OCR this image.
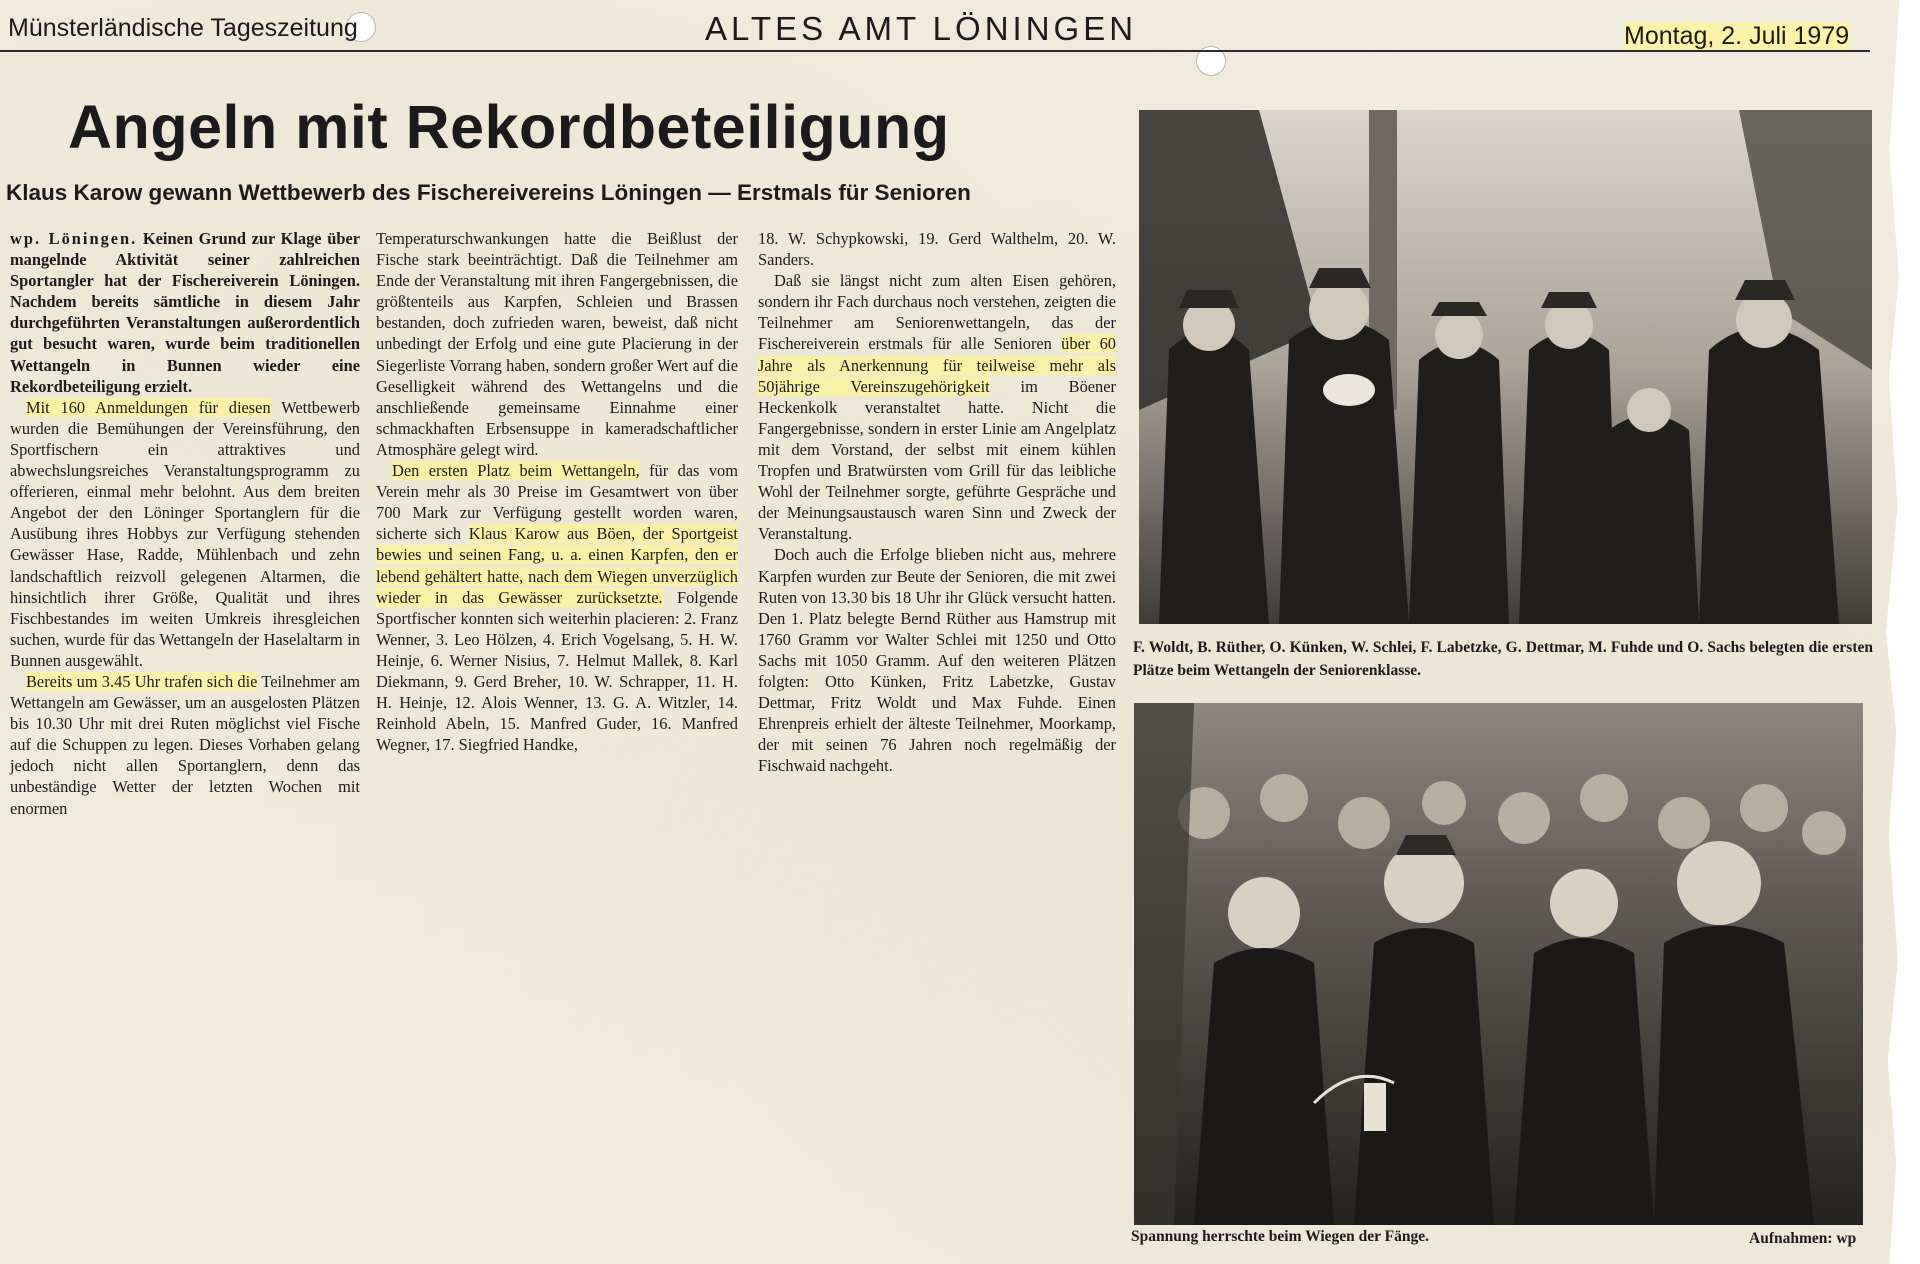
Münsterländische Tageszeitung	ALTES AMT LÖNINGEN	Montag, 2. Juli 1979
Angeln mit Rekordbeteiligung
Klaus Karow gewann Wettbewerb des Fischereivereins Löningen — Erstmals für Senioren

wp. Löningen. Keinen Grund zur Klage über mangelnde Aktivität seiner zahlreichen Sportangler hat der Fischereiverein Löningen. Nachdem bereits sämtliche in diesem Jahr durchgeführten Veranstaltungen außerordentlich gut besucht waren, wurde beim traditionellen Wettangeln in Bunnen wieder eine Rekordbeteiligung erzielt.

Mit 160 Anmeldungen für diesen Wettbewerb wurden die Bemühungen der Vereinsführung, den Sportfischern ein attraktives und abwechslungsreiches Veranstaltungsprogramm zu offerieren, einmal mehr belohnt. Aus dem breiten Angebot der den Löninger Sportanglern für die Ausübung ihres Hobbys zur Verfügung stehenden Gewässer Hase, Radde, Mühlenbach und zehn landschaftlich reizvoll gelegenen Altarmen, die hinsichtlich ihrer Größe, Qualität und ihres Fischbestandes im weiten Umkreis ihresgleichen suchen, wurde für das Wettangeln der Haselaltarm in Bunnen ausgewählt.

Bereits um 3.45 Uhr trafen sich die Teilnehmer am Wettangeln am Gewässer, um an ausgelosten Plätzen bis 10.30 Uhr mit drei Ruten möglichst viel Fische auf die Schuppen zu legen. Dieses Vorhaben gelang jedoch nicht allen Sportanglern, denn das unbeständige Wetter der letzten Wochen mit enormen

Temperaturschwankungen hatte die Beißlust der Fische stark beeinträchtigt. Daß die Teilnehmer am Ende der Veranstaltung mit ihren Fangergebnissen, die größtenteils aus Karpfen, Schleien und Brassen bestanden, doch zufrieden waren, beweist, daß nicht unbedingt der Erfolg und eine gute Placierung in der Siegerliste Vorrang haben, sondern großer Wert auf die Geselligkeit während des Wettangelns und die anschließende gemeinsame Einnahme einer schmackhaften Erbsensuppe in kameradschaftlicher Atmosphäre gelegt wird.

Den ersten Platz beim Wettangeln, für das vom Verein mehr als 30 Preise im Gesamtwert von über 700 Mark zur Verfügung gestellt worden waren, sicherte sich Klaus Karow aus Böen, der Sportgeist bewies und seinen Fang, u. a. einen Karpfen, den er lebend gehältert hatte, nach dem Wiegen unverzüglich wieder in das Gewässer zurücksetzte. Folgende Sportfischer konnten sich weiterhin placieren: 2. Franz Wenner, 3. Leo Hölzen, 4. Erich Vogelsang, 5. H. W. Heinje, 6. Werner Nisius, 7. Helmut Mallek, 8. Karl Diekmann, 9. Gerd Breher, 10. W. Schrapper, 11. H. H. Heinje, 12. Alois Wenner, 13. G. A. Witzler, 14. Reinhold Abeln, 15. Manfred Guder, 16. Manfred Wegner, 17. Siegfried Handke,

18. W. Schypkowski, 19. Gerd Walthelm, 20. W. Sanders.

Daß sie längst nicht zum alten Eisen gehören, sondern ihr Fach durchaus noch verstehen, zeigten die Teilnehmer am Seniorenwettangeln, das der Fischereiverein erstmals für alle Senioren über 60 Jahre als Anerkennung für teilweise mehr als 50jährige Vereinszugehörigkeit im Böener Heckenkolk veranstaltet hatte. Nicht die Fangergebnisse, sondern in erster Linie am Angelplatz mit dem Vorstand, der selbst mit einem kühlen Tropfen und Bratwürsten vom Grill für das leibliche Wohl der Teilnehmer sorgte, geführte Gespräche und der Meinungsaustausch waren Sinn und Zweck der Veranstaltung.

Doch auch die Erfolge blieben nicht aus, mehrere Karpfen wurden zur Beute der Senioren, die mit zwei Ruten von 13.30 bis 18 Uhr ihr Glück versucht hatten. Den 1. Platz belegte Bernd Rüther aus Hamstrup mit 1760 Gramm vor Walter Schlei mit 1250 und Otto Sachs mit 1050 Gramm. Auf den weiteren Plätzen folgten: Otto Künken, Fritz Labetzke, Gustav Dettmar, Fritz Woldt und Max Fuhde. Einen Ehrenpreis erhielt der älteste Teilnehmer, Moorkamp, der mit seinen 76 Jahren noch regelmäßig der Fischwaid nachgeht.

F. Woldt, B. Rüther, O. Künken, W. Schlei, F. Labetzke, G. Dettmar, M. Fuhde und O. Sachs belegten die ersten Plätze beim Wettangeln der Seniorenklasse.

Spannung herrschte beim Wiegen der Fänge.	Aufnahmen: wp
